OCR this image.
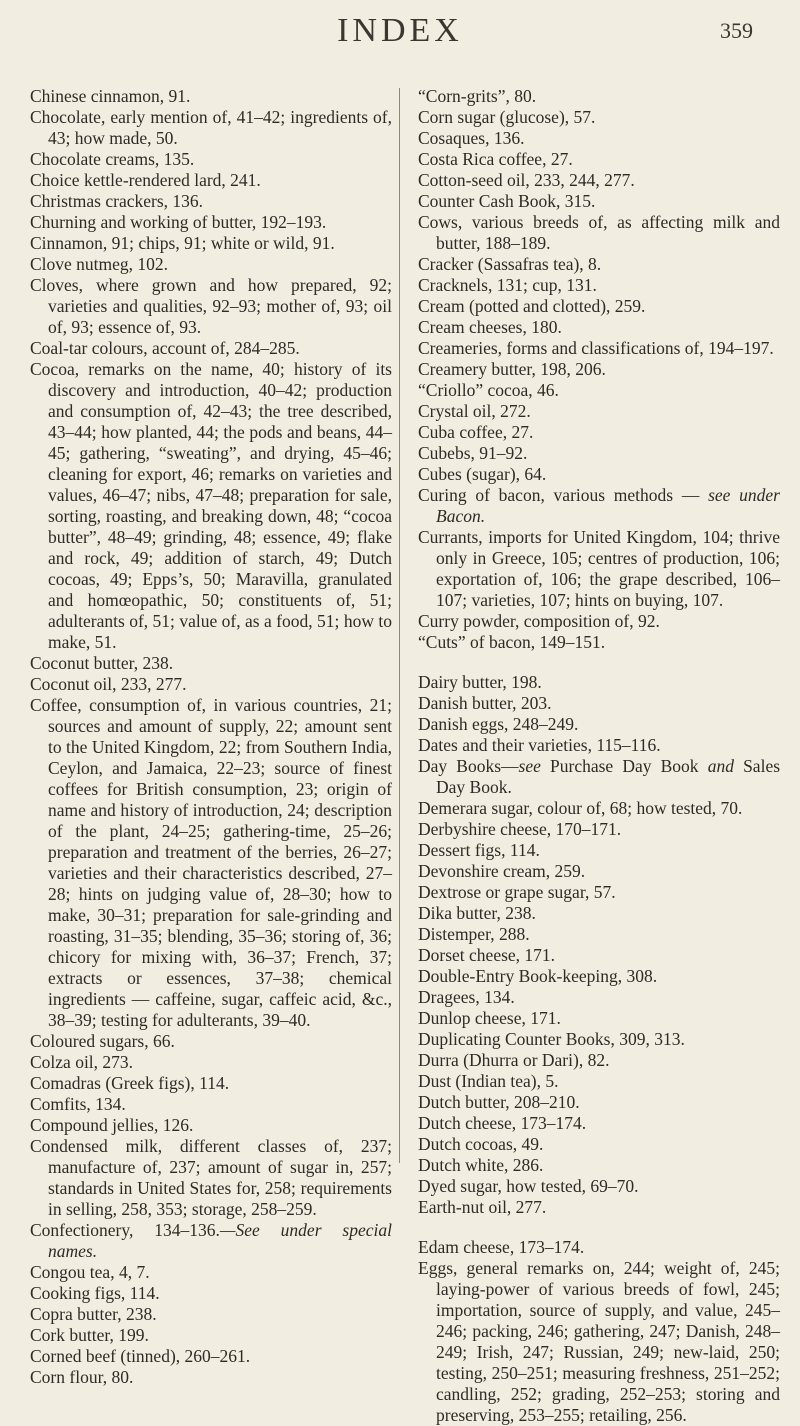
INDEX	359

Chinese cinnamon, 91.

Chocolate, early mention of, 41–42; ingredients of, 43; how made, 50.

Chocolate creams, 135.

Choice kettle-rendered lard, 241.

Christmas crackers, 136.

Churning and working of butter, 192–193.

Cinnamon, 91; chips, 91; white or wild, 91.

Clove nutmeg, 102.

Cloves, where grown and how prepared, 92; varieties and qualities, 92–93; mother of, 93; oil of, 93; essence of, 93.

Coal-tar colours, account of, 284–285.

Cocoa, remarks on the name, 40; history of its discovery and introduction, 40–42; production and consumption of, 42–43; the tree described, 43–44; how planted, 44; the pods and beans, 44–45; gathering, “sweating”, and drying, 45–46; cleaning for export, 46; remarks on varieties and values, 46–47; nibs, 47–48; preparation for sale, sorting, roasting, and breaking down, 48; “cocoa butter”, 48–49; grinding, 48; essence, 49; flake and rock, 49; addition of starch, 49; Dutch cocoas, 49; Epps’s, 50; Maravilla, granulated and homœopathic, 50; constituents of, 51; adulterants of, 51; value of, as a food, 51; how to make, 51.

Coconut butter, 238.

Coconut oil, 233, 277.

Coffee, consumption of, in various countries, 21; sources and amount of supply, 22; amount sent to the United Kingdom, 22; from Southern India, Ceylon, and Jamaica, 22–23; source of finest coffees for British consumption, 23; origin of name and history of introduction, 24; description of the plant, 24–25; gathering-time, 25–26; preparation and treatment of the berries, 26–27; varieties and their characteristics described, 27–28; hints on judging value of, 28–30; how to make, 30–31; preparation for sale-grinding and roasting, 31–35; blending, 35–36; storing of, 36; chicory for mixing with, 36–37; French, 37; extracts or essences, 37–38; chemical ingredients — caffeine, sugar, caffeic acid, &c., 38–39; testing for adulterants, 39–40.

Coloured sugars, 66.

Colza oil, 273.

Comadras (Greek figs), 114.

Comfits, 134.

Compound jellies, 126.

Condensed milk, different classes of, 237; manufacture of, 237; amount of sugar in, 257; standards in United States for, 258; requirements in selling, 258, 353; storage, 258–259.

Confectionery, 134–136.—See under special names.

Congou tea, 4, 7.

Cooking figs, 114.

Copra butter, 238.

Cork butter, 199.

Corned beef (tinned), 260–261.

Corn flour, 80.

“Corn-grits”, 80.

Corn sugar (glucose), 57.

Cosaques, 136.

Costa Rica coffee, 27.

Cotton-seed oil, 233, 244, 277.

Counter Cash Book, 315.

Cows, various breeds of, as affecting milk and butter, 188–189.

Cracker (Sassafras tea), 8.

Cracknels, 131; cup, 131.

Cream (potted and clotted), 259.

Cream cheeses, 180.

Creameries, forms and classifications of, 194–197.

Creamery butter, 198, 206.

“Criollo” cocoa, 46.

Crystal oil, 272.

Cuba coffee, 27.

Cubebs, 91–92.

Cubes (sugar), 64.

Curing of bacon, various methods — see under Bacon.

Currants, imports for United Kingdom, 104; thrive only in Greece, 105; centres of production, 106; exportation of, 106; the grape described, 106–107; varieties, 107; hints on buying, 107.

Curry powder, composition of, 92.

“Cuts” of bacon, 149–151.

Dairy butter, 198.

Danish butter, 203.

Danish eggs, 248–249.

Dates and their varieties, 115–116.

Day Books—see Purchase Day Book and Sales Day Book.

Demerara sugar, colour of, 68; how tested, 70.

Derbyshire cheese, 170–171.

Dessert figs, 114.

Devonshire cream, 259.

Dextrose or grape sugar, 57.

Dika butter, 238.

Distemper, 288.

Dorset cheese, 171.

Double-Entry Book-keeping, 308.

Dragees, 134.

Dunlop cheese, 171.

Duplicating Counter Books, 309, 313.

Durra (Dhurra or Dari), 82.

Dust (Indian tea), 5.

Dutch butter, 208–210.

Dutch cheese, 173–174.

Dutch cocoas, 49.

Dutch white, 286.

Dyed sugar, how tested, 69–70.

Earth-nut oil, 277.

Edam cheese, 173–174.

Eggs, general remarks on, 244; weight of, 245; laying-power of various breeds of fowl, 245; importation, source of supply, and value, 245–246; packing, 246; gathering, 247; Danish, 248–249; Irish, 247; Russian, 249; new-laid, 250; testing, 250–251; measuring freshness, 251–252; candling, 252; grading, 252–253; storing and preserving, 253–255; retailing, 256.
